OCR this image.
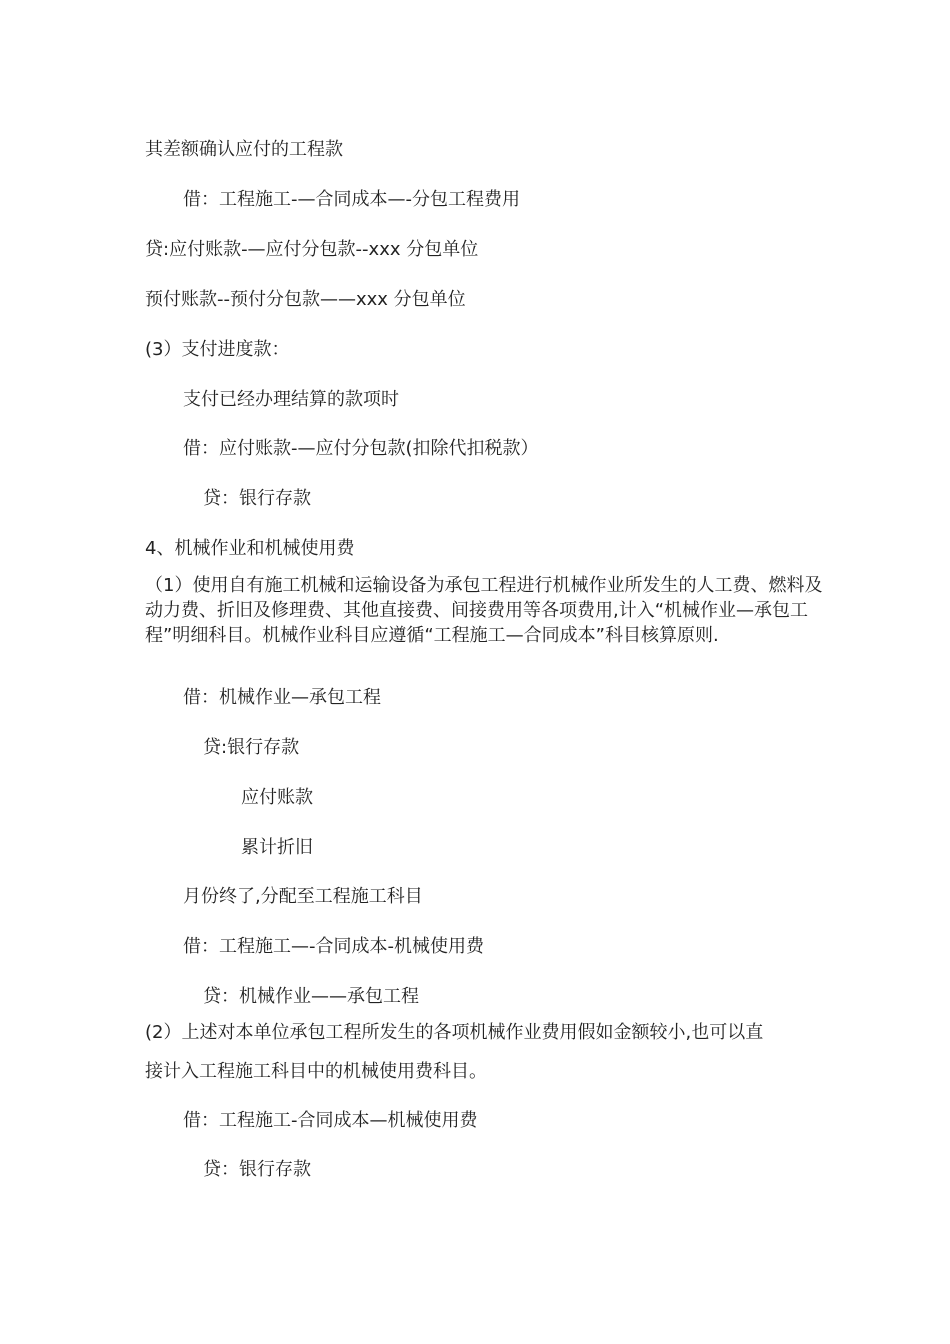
其差额确认应付的工程款
借：工程施工-—合同成本—-分包工程费用
贷:应付账款-—应付分包款--xxx 分包单位
预付账款--预付分包款——xxx 分包单位
(3）支付进度款：
支付已经办理结算的款项时
借：应付账款-—应付分包款(扣除代扣税款）
贷：银行存款
4、机械作业和机械使用费
（1）使用自有施工机械和运输设备为承包工程进行机械作业所发生的人工费、燃料及动力费、折旧及修理费、其他直接费、间接费用等各项费用,计入“机械作业—承包工程”明细科目。机械作业科目应遵循“工程施工—合同成本”科目核算原则.
借：机械作业—承包工程
贷:银行存款
应付账款
累计折旧
月份终了,分配至工程施工科目
借：工程施工—-合同成本-机械使用费
贷：机械作业——承包工程
(2）上述对本单位承包工程所发生的各项机械作业费用假如金额较小,也可以直
接计入工程施工科目中的机械使用费科目。
借：工程施工-合同成本—机械使用费
贷：银行存款
